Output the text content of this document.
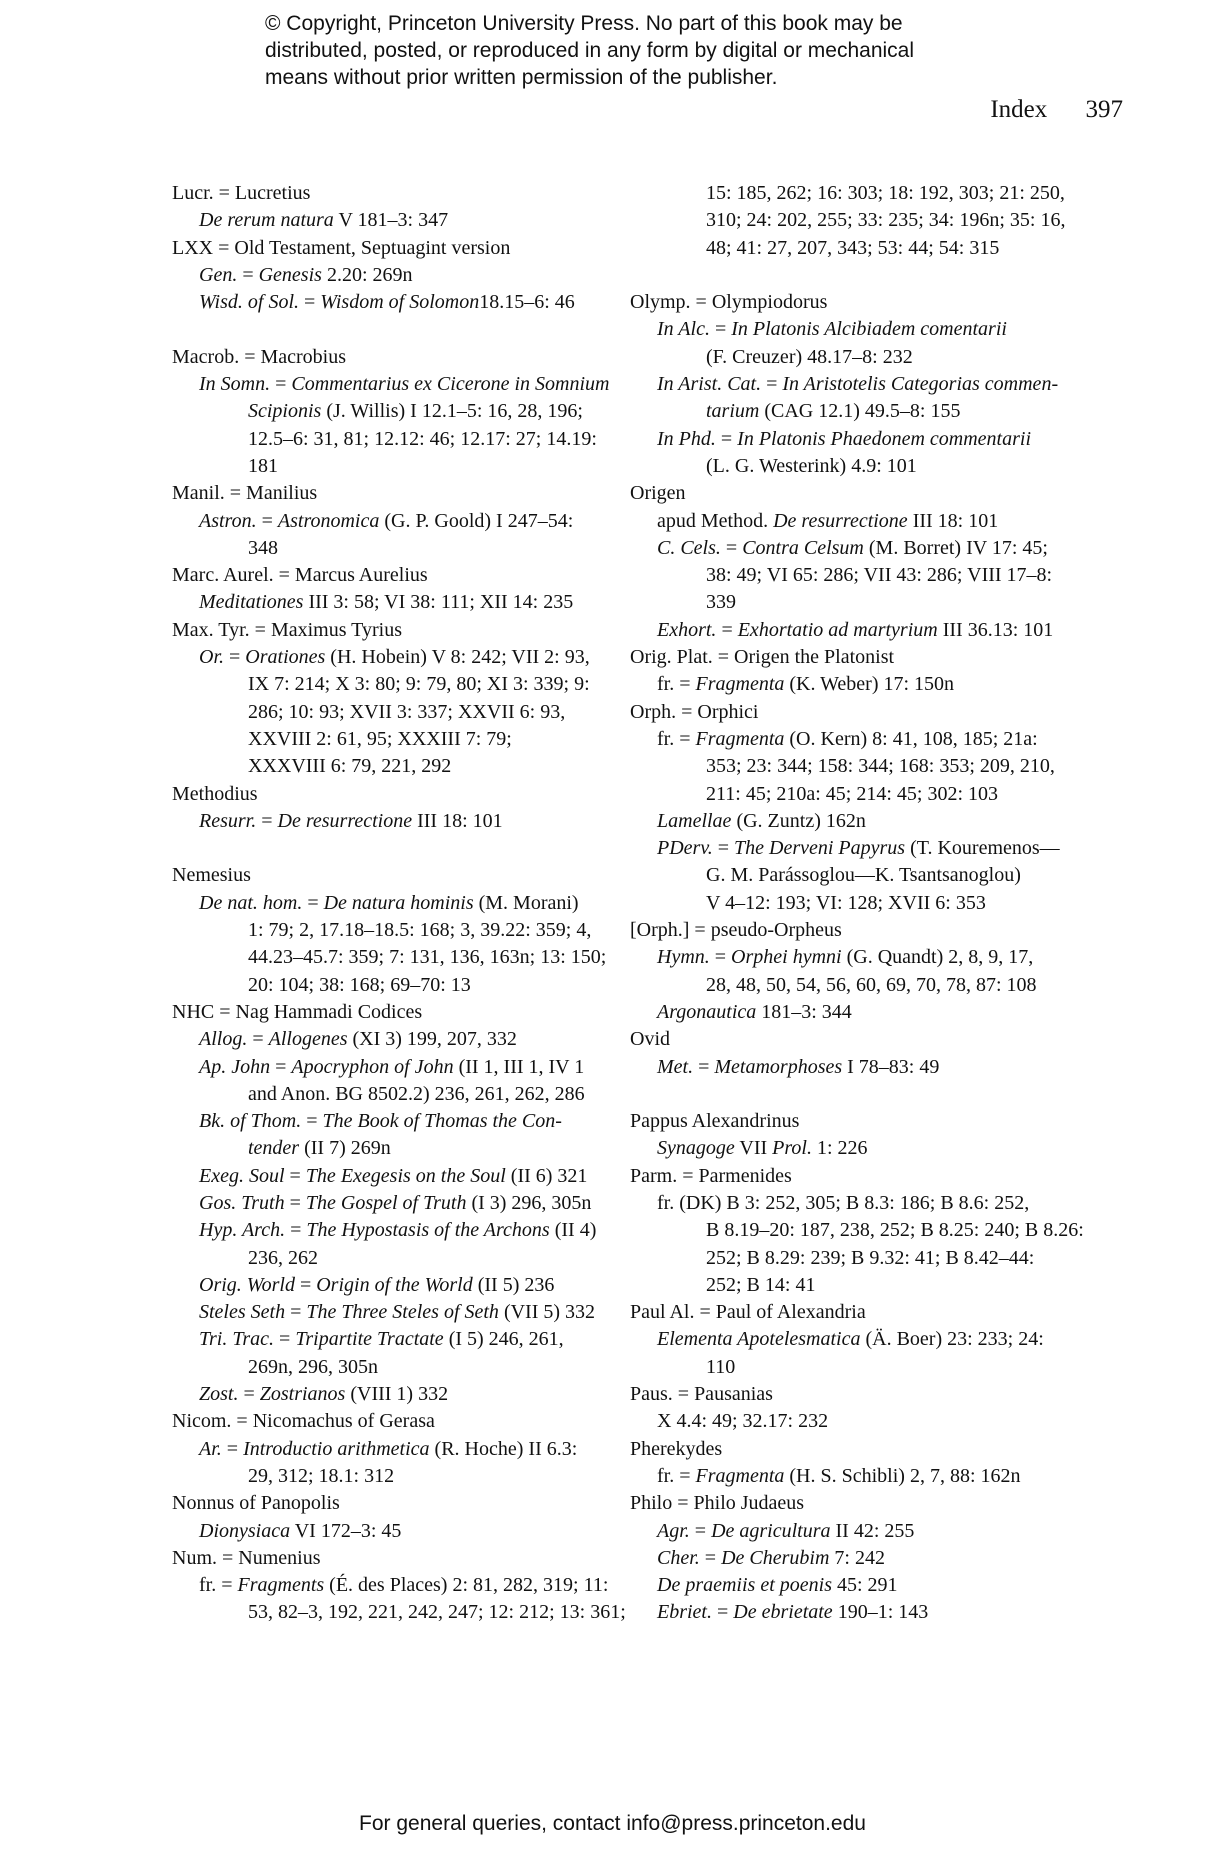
© Copyright, Princeton University Press. No part of this book may be
distributed, posted, or reproduced in any form by digital or mechanical
means without prior written permission of the publisher.
Index 397
Lucr. = Lucretius
De rerum natura V 181–3: 347
LXX = Old Testament, Septuagint version
Gen. = Genesis 2.20: 269n
Wisd. of Sol. = Wisdom of Solomon18.15–6: 46
Macrob. = Macrobius
In Somn. = Commentarius ex Cicerone in Somnium
Scipionis (J. Willis) I 12.1–5: 16, 28, 196;
12.5–6: 31, 81; 12.12: 46; 12.17: 27; 14.19:
181
Manil. = Manilius
Astron. = Astronomica (G. P. Goold) I 247–54:
348
Marc. Aurel. = Marcus Aurelius
Meditationes III 3: 58; VI 38: 111; XII 14: 235
Max. Tyr. = Maximus Tyrius
Or. = Orationes (H. Hobein) V 8: 242; VII 2: 93,
IX 7: 214; X 3: 80; 9: 79, 80; XI 3: 339; 9:
286; 10: 93; XVII 3: 337; XXVII 6: 93,
XXVIII 2: 61, 95; XXXIII 7: 79;
XXXVIII 6: 79, 221, 292
Methodius
Resurr. = De resurrectione III 18: 101
Nemesius
De nat. hom. = De natura hominis (M. Morani)
1: 79; 2, 17.18–18.5: 168; 3, 39.22: 359; 4,
44.23–45.7: 359; 7: 131, 136, 163n; 13: 150;
20: 104; 38: 168; 69–70: 13
NHC = Nag Hammadi Codices
Allog. = Allogenes (XI 3) 199, 207, 332
Ap. John = Apocryphon of John (II 1, III 1, IV 1
and Anon. BG 8502.2) 236, 261, 262, 286
Bk. of Thom. = The Book of Thomas the Con-
tender (II 7) 269n
Exeg. Soul = The Exegesis on the Soul (II 6) 321
Gos. Truth = The Gospel of Truth (I 3) 296, 305n
Hyp. Arch. = The Hypostasis of the Archons (II 4)
236, 262
Orig. World = Origin of the World (II 5) 236
Steles Seth = The Three Steles of Seth (VII 5) 332
Tri. Trac. = Tripartite Tractate (I 5) 246, 261,
269n, 296, 305n
Zost. = Zostrianos (VIII 1) 332
Nicom. = Nicomachus of Gerasa
Ar. = Introductio arithmetica (R. Hoche) II 6.3:
29, 312; 18.1: 312
Nonnus of Panopolis
Dionysiaca VI 172–3: 45
Num. = Numenius
fr. = Fragments (É. des Places) 2: 81, 282, 319; 11:
53, 82–3, 192, 221, 242, 247; 12: 212; 13: 361;
15: 185, 262; 16: 303; 18: 192, 303; 21: 250,
310; 24: 202, 255; 33: 235; 34: 196n; 35: 16,
48; 41: 27, 207, 343; 53: 44; 54: 315
Olymp. = Olympiodorus
In Alc. = In Platonis Alcibiadem comentarii
(F. Creuzer) 48.17–8: 232
In Arist. Cat. = In Aristotelis Categorias commen-
tarium (CAG 12.1) 49.5–8: 155
In Phd. = In Platonis Phaedonem commentarii
(L. G. Westerink) 4.9: 101
Origen
apud Method. De resurrectione III 18: 101
C. Cels. = Contra Celsum (M. Borret) IV 17: 45;
38: 49; VI 65: 286; VII 43: 286; VIII 17–8:
339
Exhort. = Exhortatio ad martyrium III 36.13: 101
Orig. Plat. = Origen the Platonist
fr. = Fragmenta (K. Weber) 17: 150n
Orph. = Orphici
fr. = Fragmenta (O. Kern) 8: 41, 108, 185; 21a:
353; 23: 344; 158: 344; 168: 353; 209, 210,
211: 45; 210a: 45; 214: 45; 302: 103
Lamellae (G. Zuntz) 162n
PDerv. = The Derveni Papyrus (T. Kouremenos—
G. M. Parássoglou—K. Tsantsanoglou)
V 4–12: 193; VI: 128; XVII 6: 353
[Orph.] = pseudo-Orpheus
Hymn. = Orphei hymni (G. Quandt) 2, 8, 9, 17,
28, 48, 50, 54, 56, 60, 69, 70, 78, 87: 108
Argonautica 181–3: 344
Ovid
Met. = Metamorphoses I 78–83: 49
Pappus Alexandrinus
Synagoge VII Prol. 1: 226
Parm. = Parmenides
fr. (DK) B 3: 252, 305; B 8.3: 186; B 8.6: 252,
B 8.19–20: 187, 238, 252; B 8.25: 240; B 8.26:
252; B 8.29: 239; B 9.32: 41; B 8.42–44:
252; B 14: 41
Paul Al. = Paul of Alexandria
Elementa Apotelesmatica (Ä. Boer) 23: 233; 24:
110
Paus. = Pausanias
X 4.4: 49; 32.17: 232
Pherekydes
fr. = Fragmenta (H. S. Schibli) 2, 7, 88: 162n
Philo = Philo Judaeus
Agr. = De agricultura II 42: 255
Cher. = De Cherubim 7: 242
De praemiis et poenis 45: 291
Ebriet. = De ebrietate 190–1: 143
For general queries, contact info@press.princeton.edu
